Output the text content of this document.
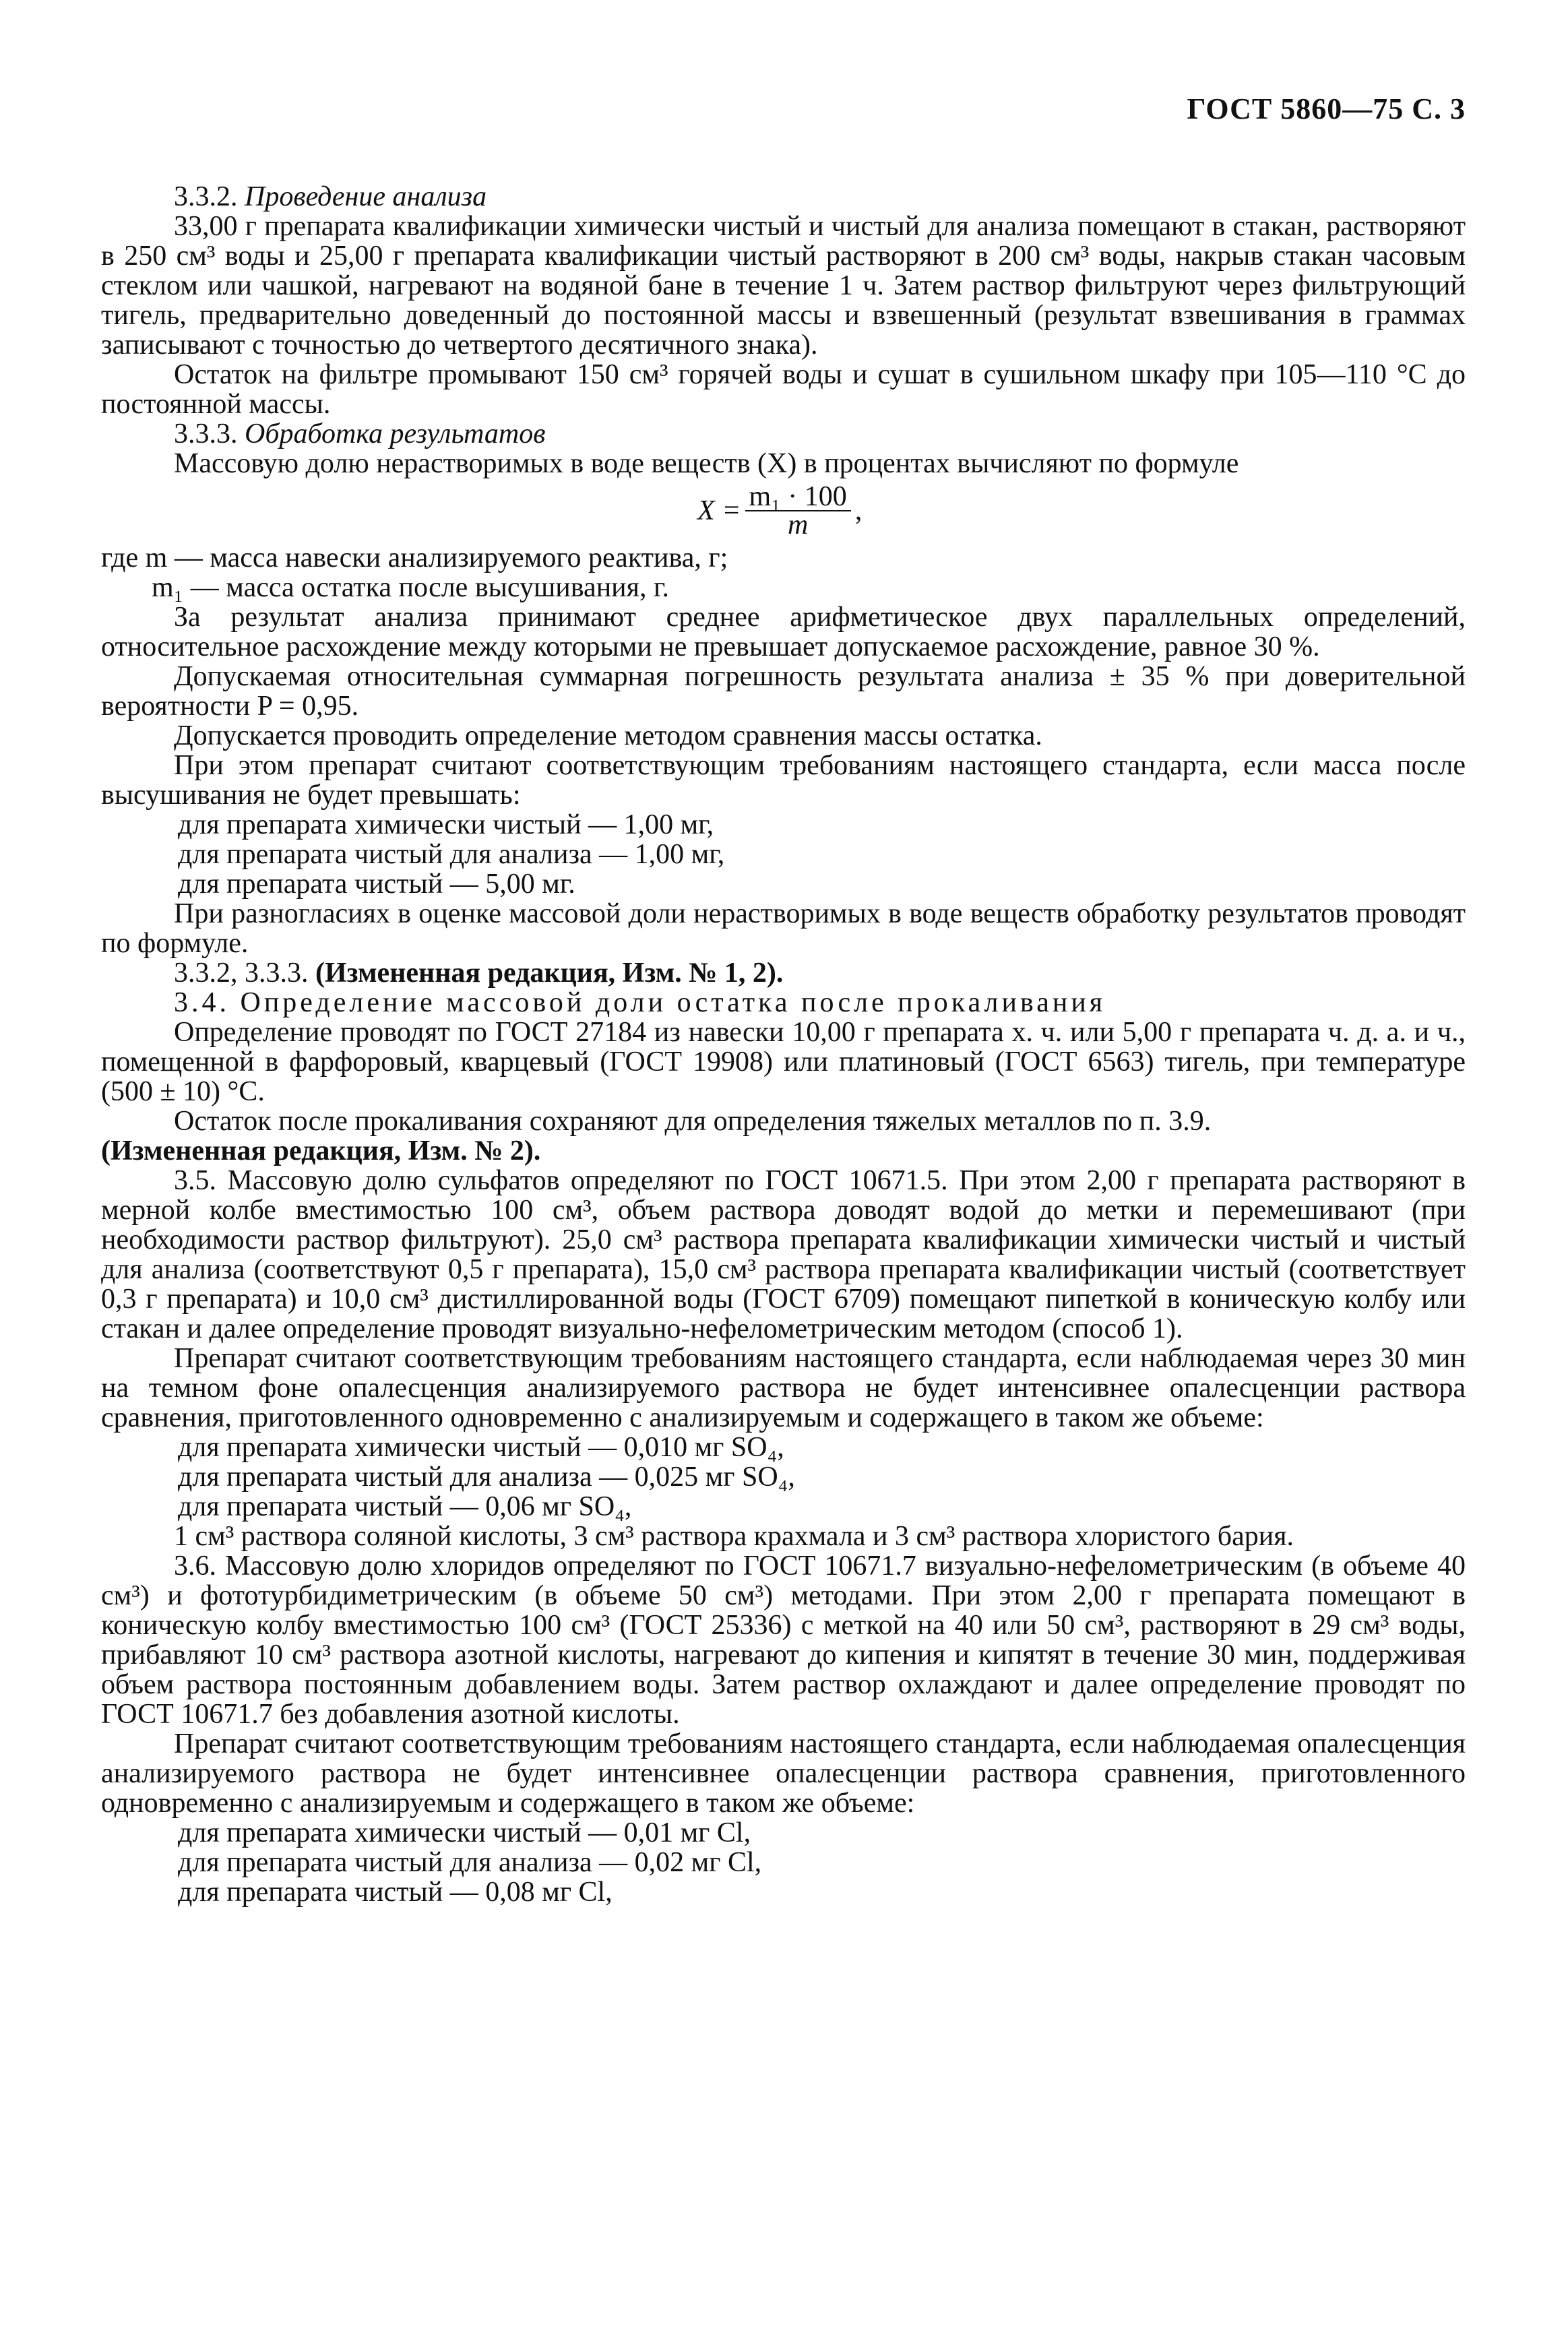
ГОСТ 5860—75 С. 3

3.3.2. Проведение анализа

33,00 г препарата квалификации химически чистый и чистый для анализа помещают в стакан, растворяют в 250 см³ воды и 25,00 г препарата квалификации чистый растворяют в 200 см³ воды, накрыв стакан часовым стеклом или чашкой, нагревают на водяной бане в течение 1 ч. Затем раствор фильтруют через фильтрующий тигель, предварительно доведенный до постоянной массы и взвешенный (результат взвешивания в граммах записывают с точностью до четвертого десятичного знака).

Остаток на фильтре промывают 150 см³ горячей воды и сушат в сушильном шкафу при 105—110 °С до постоянной массы.

3.3.3. Обработка результатов

Массовую долю нерастворимых в воде веществ (X) в процентах вычисляют по формуле

$X = \frac{\text{m₁ · 100}}{m}$ ,

где m — масса навески анализируемого реактива, г;

m₁ — масса остатка после высушивания, г.

За результат анализа принимают среднее арифметическое двух параллельных определений, относительное расхождение между которыми не превышает допускаемое расхождение, равное 30 %.

Допускаемая относительная суммарная погрешность результата анализа ± 35 % при доверительной вероятности P = 0,95.

Допускается проводить определение методом сравнения массы остатка.

При этом препарат считают соответствующим требованиям настоящего стандарта, если масса после высушивания не будет превышать:

для препарата химически чистый — 1,00 мг,

для препарата чистый для анализа — 1,00 мг,

для препарата чистый — 5,00 мг.

При разногласиях в оценке массовой доли нерастворимых в воде веществ обработку результатов проводят по формуле.

3.3.2, 3.3.3. (Измененная редакция, Изм. № 1, 2).

3.4. Определение массовой доли остатка после прокаливания

Определение проводят по ГОСТ 27184 из навески 10,00 г препарата х. ч. или 5,00 г препарата ч. д. а. и ч., помещенной в фарфоровый, кварцевый (ГОСТ 19908) или платиновый (ГОСТ 6563) тигель, при температуре (500 ± 10) °С.

Остаток после прокаливания сохраняют для определения тяжелых металлов по п. 3.9.

(Измененная редакция, Изм. № 2).

3.5. Массовую долю сульфатов определяют по ГОСТ 10671.5. При этом 2,00 г препарата растворяют в мерной колбе вместимостью 100 см³, объем раствора доводят водой до метки и перемешивают (при необходимости раствор фильтруют). 25,0 см³ раствора препарата квалификации химически чистый и чистый для анализа (соответствуют 0,5 г препарата), 15,0 см³ раствора препарата квалификации чистый (соответствует 0,3 г препарата) и 10,0 см³ дистиллированной воды (ГОСТ 6709) помещают пипеткой в коническую колбу или стакан и далее определение проводят визуально-нефелометрическим методом (способ 1).

Препарат считают соответствующим требованиям настоящего стандарта, если наблюдаемая через 30 мин на темном фоне опалесценция анализируемого раствора не будет интенсивнее опалесценции раствора сравнения, приготовленного одновременно с анализируемым и содержащего в таком же объеме:

для препарата химически чистый — 0,010 мг SO₄,

для препарата чистый для анализа — 0,025 мг SO₄,

для препарата чистый — 0,06 мг SO₄,

1 см³ раствора соляной кислоты, 3 см³ раствора крахмала и 3 см³ раствора хлористого бария.

3.6. Массовую долю хлоридов определяют по ГОСТ 10671.7 визуально-нефелометрическим (в объеме 40 см³) и фототурбидиметрическим (в объеме 50 см³) методами. При этом 2,00 г препарата помещают в коническую колбу вместимостью 100 см³ (ГОСТ 25336) с меткой на 40 или 50 см³, растворяют в 29 см³ воды, прибавляют 10 см³ раствора азотной кислоты, нагревают до кипения и кипятят в течение 30 мин, поддерживая объем раствора постоянным добавлением воды. Затем раствор охлаждают и далее определение проводят по ГОСТ 10671.7 без добавления азотной кислоты.

Препарат считают соответствующим требованиям настоящего стандарта, если наблюдаемая опалесценция анализируемого раствора не будет интенсивнее опалесценции раствора сравнения, приготовленного одновременно с анализируемым и содержащего в таком же объеме:

для препарата химически чистый — 0,01 мг Cl,

для препарата чистый для анализа — 0,02 мг Cl,

для препарата чистый — 0,08 мг Cl,
